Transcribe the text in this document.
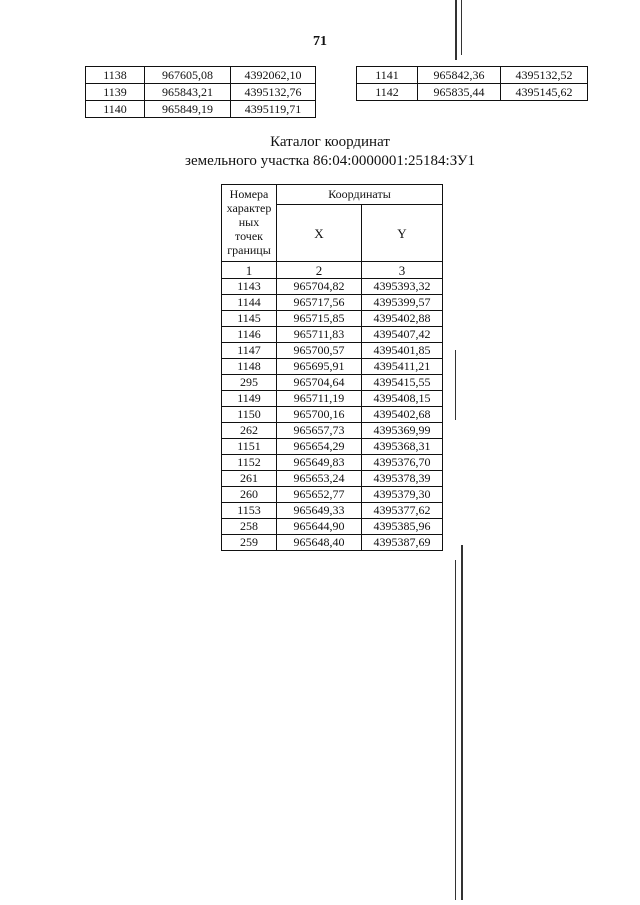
71
1138	967605,08	4392062,10
1139	965843,21	4395132,76
1140	965849,19	4395119,71
1141	965842,36	4395132,52
1142	965835,44	4395145,62
Каталог координат
земельного участка 86:04:0000001:25184:ЗУ1
Номера характер ных точек границы	Координаты	
	X	Y
1	2	3
1143	965704,82	4395393,32
1144	965717,56	4395399,57
1145	965715,85	4395402,88
1146	965711,83	4395407,42
1147	965700,57	4395401,85
1148	965695,91	4395411,21
295	965704,64	4395415,55
1149	965711,19	4395408,15
1150	965700,16	4395402,68
262	965657,73	4395369,99
1151	965654,29	4395368,31
1152	965649,83	4395376,70
261	965653,24	4395378,39
260	965652,77	4395379,30
1153	965649,33	4395377,62
258	965644,90	4395385,96
259	965648,40	4395387,69
